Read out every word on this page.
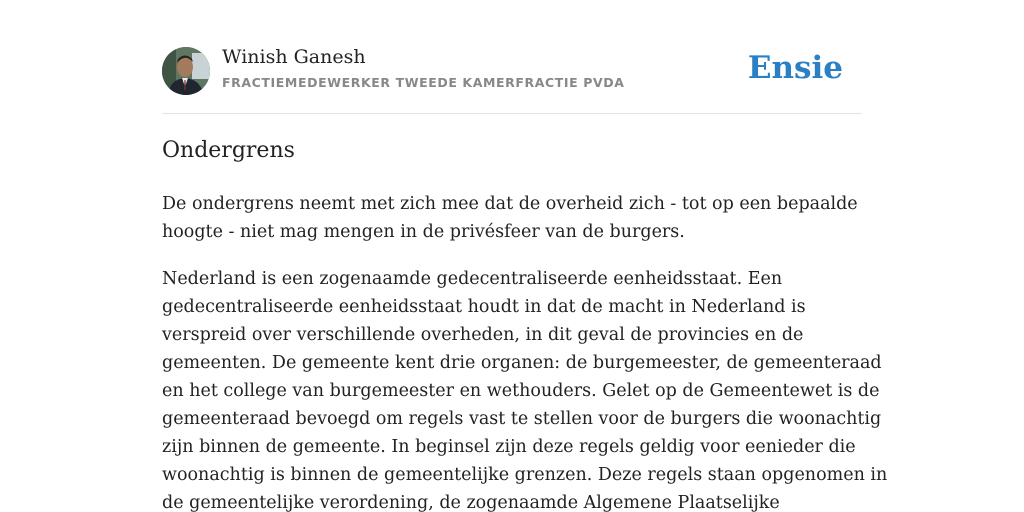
Winish Ganesh
FRACTIEMEDEWERKER TWEEDE KAMERFRACTIE PVDA	Ensie
Ondergrens

De ondergrens neemt met zich mee dat de overheid zich - tot op een bepaalde
hoogte - niet mag mengen in de privésfeer van de burgers.

Nederland is een zogenaamde gedecentraliseerde eenheidsstaat. Een
gedecentraliseerde eenheidsstaat houdt in dat de macht in Nederland is
verspreid over verschillende overheden, in dit geval de provincies en de
gemeenten. De gemeente kent drie organen: de burgemeester, de gemeenteraad
en het college van burgemeester en wethouders. Gelet op de Gemeentewet is de
gemeenteraad bevoegd om regels vast te stellen voor de burgers die woonachtig
zijn binnen de gemeente. In beginsel zijn deze regels geldig voor eenieder die
woonachtig is binnen de gemeentelijke grenzen. Deze regels staan opgenomen in
de gemeentelijke verordening, de zogenaamde Algemene Plaatselijke
